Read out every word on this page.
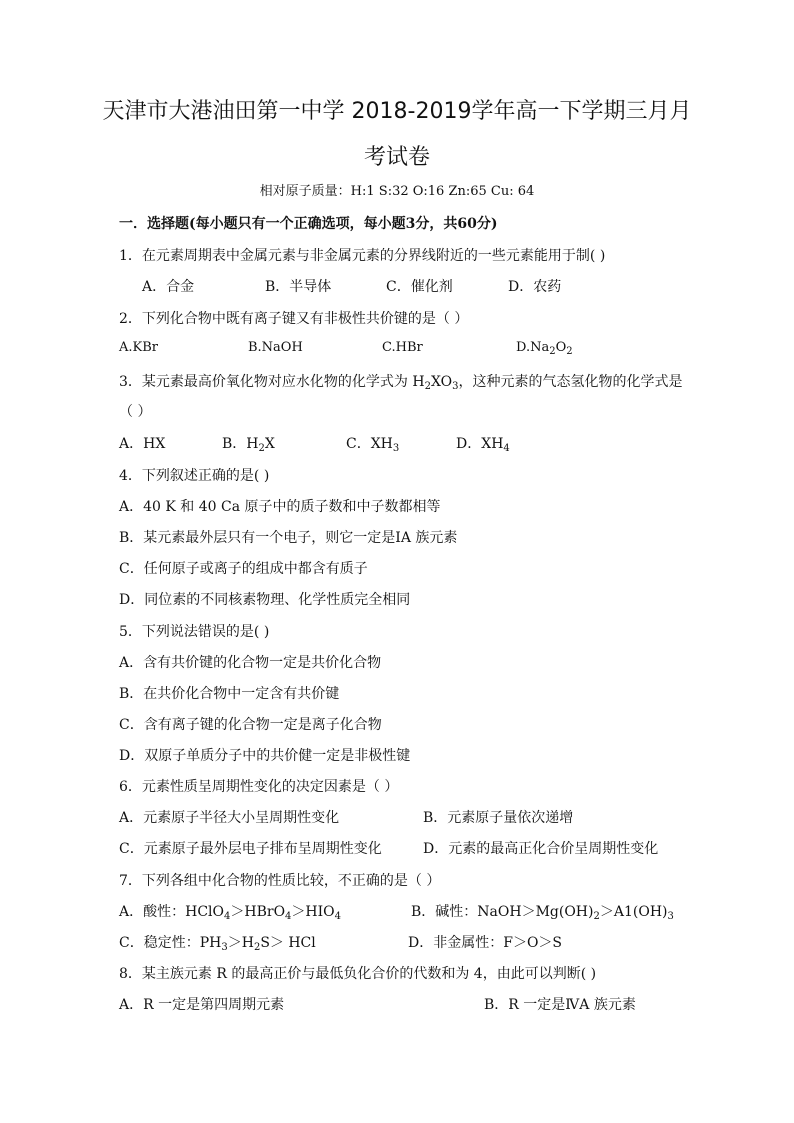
天津市大港油田第一中学 2018-2019学年高一下学期三月月
考试卷
相对原子质量：H:1 S:32 O:16 Zn:65 Cu: 64
一．选择题(每小题只有一个正确选项，每小题3分，共60分)
1．在元素周期表中金属元素与非金属元素的分界线附近的一些元素能用于制( )
A．合金	B．半导体	C．催化剂	D．农药
2．下列化合物中既有离子键又有非极性共价键的是（ ）
A.KBr	B.NaOH	C.HBr	$D.Na_2O_2$
3．某元素最高价氧化物对应水化物的化学式为 $H_2XO_3$，这种元素的气态氢化物的化学式是
（ ）
A．HX	B．$H_2X$	C．$XH_3$	D．$XH_4$
4．下列叙述正确的是( )
A．40 K 和 40 Ca 原子中的质子数和中子数都相等
B．某元素最外层只有一个电子，则它一定是ⅠA 族元素
C．任何原子或离子的组成中都含有质子
D．同位素的不同核素物理、化学性质完全相同
5．下列说法错误的是( )
A．含有共价键的化合物一定是共价化合物
B．在共价化合物中一定含有共价键
C．含有离子键的化合物一定是离子化合物
D．双原子单质分子中的共价健一定是非极性键
6．元素性质呈周期性变化的决定因素是（ ）
A．元素原子半径大小呈周期性变化	B．元素原子量依次递增
C．元素原子最外层电子排布呈周期性变化	D．元素的最高正化合价呈周期性变化
7．下列各组中化合物的性质比较，不正确的是（ ）
A．酸性：$HClO_4>HBrO_4>HIO_4$	B．碱性：$NaOH>Mg(OH)_2>A1(OH)_3$
C．稳定性：$PH_3>H_2S>$ HCl	D．非金属性：F＞O＞S
8．某主族元素 R 的最高正价与最低负化合价的代数和为 4，由此可以判断( )
A．R 一定是第四周期元素	B．R 一定是ⅣA 族元素
